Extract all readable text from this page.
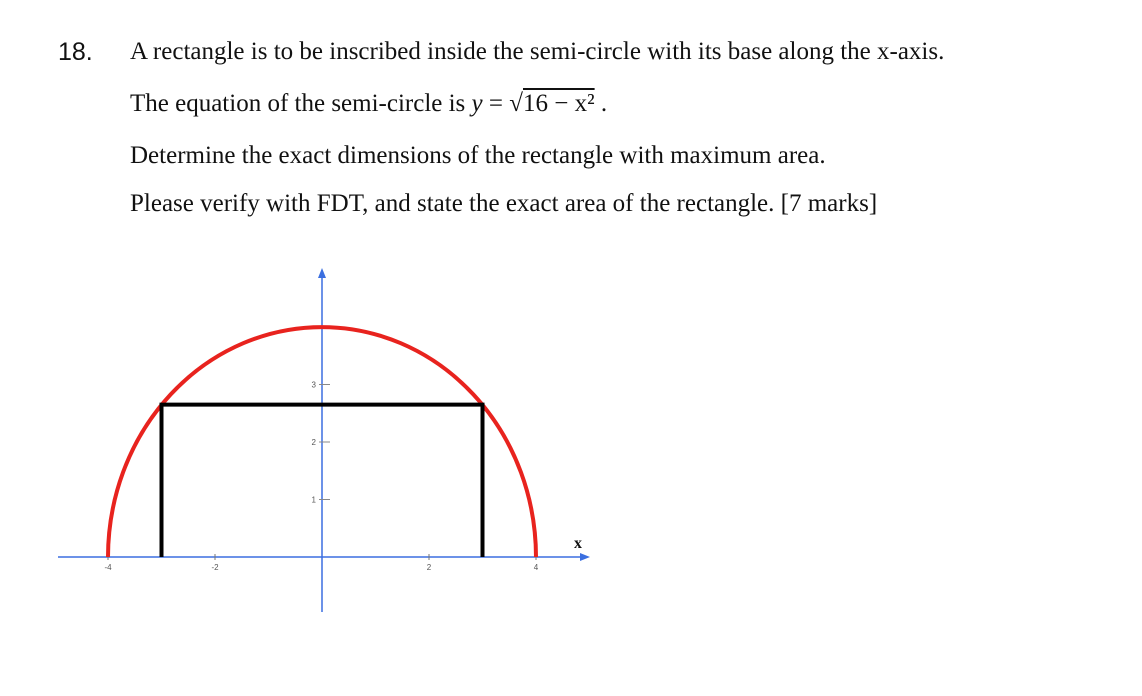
18. A rectangle is to be inscribed inside the semi-circle with its base along the x-axis.
The equation of the semi-circle is y = √16 − x² .
Determine the exact dimensions of the rectangle with maximum area.
Please verify with FDT, and state the exact area of the rectangle. [7 marks]
-4	-2	2	4
1
2
3
x
